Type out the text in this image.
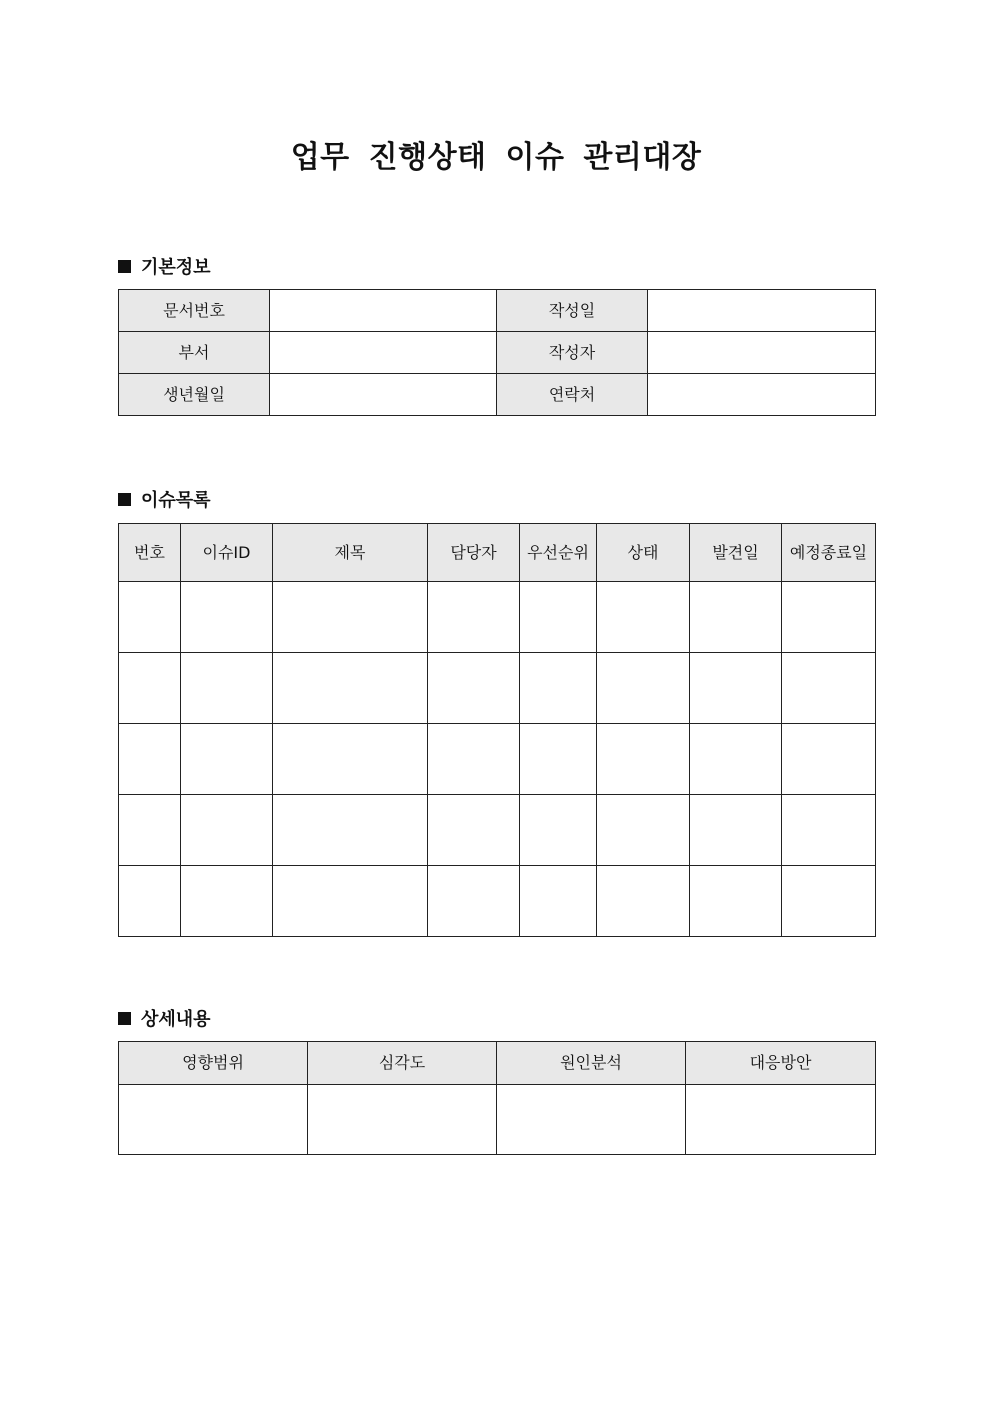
업무 진행상태 이슈 관리대장
기본정보
문서번호		작성일	
부서		작성자	
생년월일		연락처	
이슈목록
번호	이슈ID	제목	담당자	우선순위	상태	발견일	예정종료일

상세내용
영향범위	심각도	원인분석	대응방안
